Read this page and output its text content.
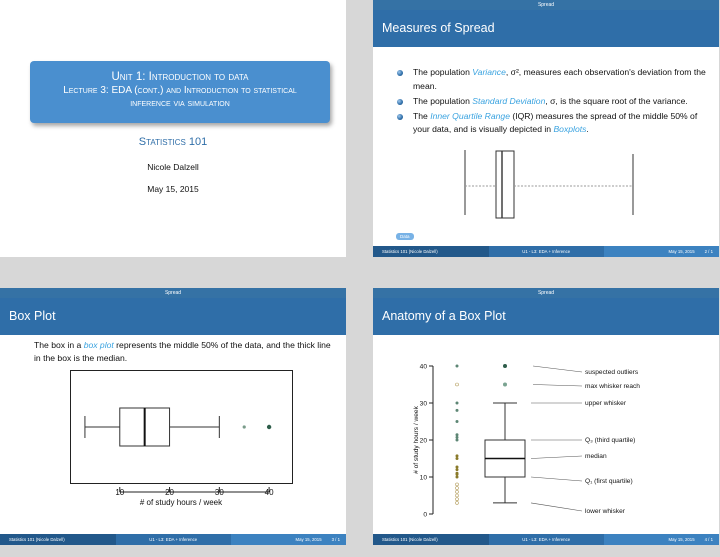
Unit 1: Introduction to data
Lecture 3: EDA (cont.) and Introduction to statistical
inference via simulation
Statistics 101
Nicole Dalzell
May 15, 2015
Spread
Measures of Spread
The population Variance, σ², measures each observation's deviation from the mean.
The population Standard Deviation, σ, is the square root of the variance.
The Inner Quartile Range (IQR) measures the spread of the middle 50% of your data, and is visually depicted in Boxplots.
Data
Statistics 101 (Nicole Dalzell)	U1 - L3: EDA + Inference	May 15, 2015 2 / 1
Spread
Box Plot
The box in a box plot represents the middle 50% of the data, and the thick line in the box is the median.
10	20	30	40
# of study hours / week
Statistics 101 (Nicole Dalzell)	U1 - L3: EDA + Inference	May 15, 2015 3 / 1
Spread
Anatomy of a Box Plot
0
10
20
30
40
# of study hours / week
suspected outliers
max whisker reach
upper whisker
Q₃ (third quartile)
median
Q₁ (first quartile)
lower whisker
Statistics 101 (Nicole Dalzell)	U1 - L3: EDA + Inference	May 15, 2015 4 / 1
